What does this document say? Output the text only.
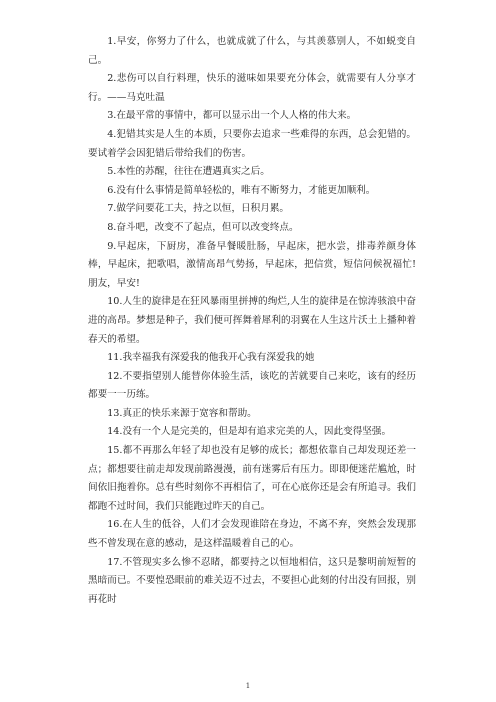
1.早安，你努力了什么，也就成就了什么，与其羡慕别人，不如蜕变自己。

2.悲伤可以自行料理，快乐的滋味如果要充分体会，就需要有人分享才行。——马克吐温

3.在最平常的事情中，都可以显示出一个人人格的伟大来。

4.犯错其实是人生的本质，只要你去追求一些难得的东西，总会犯错的。要试着学会因犯错后带给我们的伤害。

5.本性的苏醒，往往在遭遇真实之后。

6.没有什么事情是简单轻松的，唯有不断努力，才能更加顺利。

7.做学问要花工夫，持之以恒，日积月累。

8.奋斗吧，改变不了起点，但可以改变终点。

9.早起床，下厨房，准备早餐暖肚肠，早起床，把水尝，排毒养颜身体棒，早起床，把歌唱，激情高昂气势扬，早起床，把信赏，短信问候祝福忙!朋友，早安!

10.人生的旋律是在狂风暴雨里拼搏的绚烂,人生的旋律是在惊涛骇浪中奋进的高昂。梦想是种子，我们便可挥舞着犀利的羽翼在人生这片沃土上播种着春天的希望。

11.我幸福我有深爱我的他我开心我有深爱我的她

12.不要指望别人能替你体验生活，该吃的苦就要自己来吃，该有的经历都要一一历练。

13.真正的快乐来源于宽容和帮助。

14.没有一个人是完美的，但是却有追求完美的人，因此变得坚强。

15.都不再那么年轻了却也没有足够的成长；都想依靠自己却发现还差一点；都想要往前走却发现前路漫漫，前有迷雾后有压力。即即便迷茫尴尬，时间依旧拖着你。总有些时刻你不再相信了，可在心底你还是会有所追寻。我们都跑不过时间，我们只能跑过昨天的自己。

16.在人生的低谷，人们才会发现谁陪在身边，不离不弃，突然会发现那些不曾发现在意的感动，是这样温暖着自己的心。

17.不管现实多么惨不忍睹，都要持之以恒地相信，这只是黎明前短暂的黑暗而已。不要惶恐眼前的难关迈不过去，不要担心此刻的付出没有回报，别再花时

1
